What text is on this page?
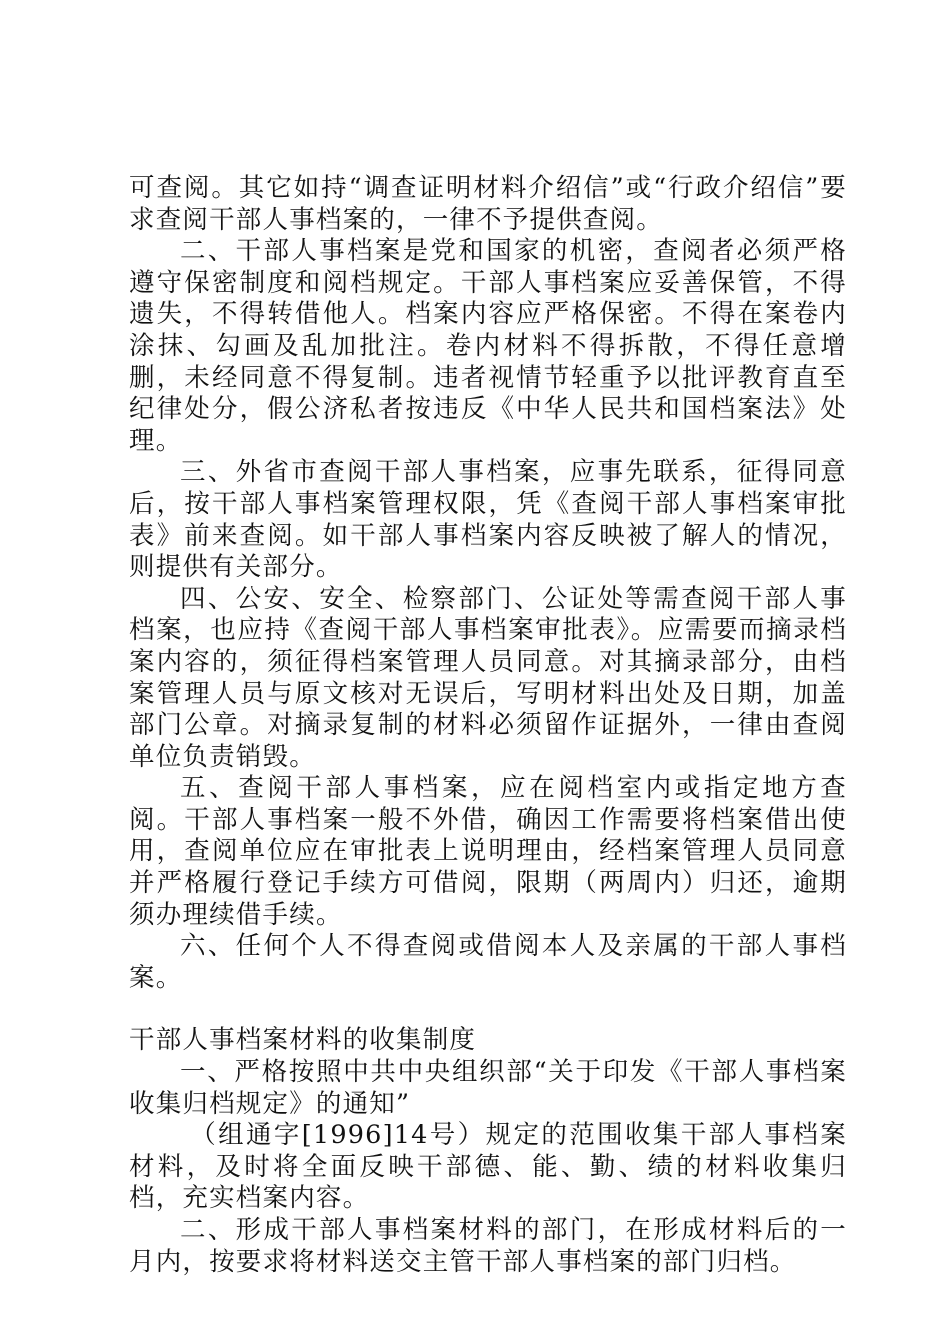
可查阅。其它如持“调查证明材料介绍信”或“行政介绍信”要求查阅干部人事档案的，一律不予提供查阅。

二、干部人事档案是党和国家的机密，查阅者必须严格遵守保密制度和阅档规定。干部人事档案应妥善保管，不得遗失，不得转借他人。档案内容应严格保密。不得在案卷内涂抹、勾画及乱加批注。卷内材料不得拆散，不得任意增删，未经同意不得复制。违者视情节轻重予以批评教育直至纪律处分，假公济私者按违反《中华人民共和国档案法》处理。

三、外省市查阅干部人事档案，应事先联系，征得同意后，按干部人事档案管理权限，凭《查阅干部人事档案审批表》前来查阅。如干部人事档案内容反映被了解人的情况，则提供有关部分。

四、公安、安全、检察部门、公证处等需查阅干部人事档案，也应持《查阅干部人事档案审批表》。应需要而摘录档案内容的，须征得档案管理人员同意。对其摘录部分，由档案管理人员与原文核对无误后，写明材料出处及日期，加盖部门公章。对摘录复制的材料必须留作证据外，一律由查阅单位负责销毁。

五、查阅干部人事档案，应在阅档室内或指定地方查阅。干部人事档案一般不外借，确因工作需要将档案借出使用，查阅单位应在审批表上说明理由，经档案管理人员同意并严格履行登记手续方可借阅，限期（两周内）归还，逾期须办理续借手续。

六、任何个人不得查阅或借阅本人及亲属的干部人事档案。

干部人事档案材料的收集制度

一、严格按照中共中央组织部“关于印发《干部人事档案收集归档规定》的通知”

（组通字[1996]14号）规定的范围收集干部人事档案材料，及时将全面反映干部德、能、勤、绩的材料收集归档，充实档案内容。

二、形成干部人事档案材料的部门，在形成材料后的一月内，按要求将材料送交主管干部人事档案的部门归档。
